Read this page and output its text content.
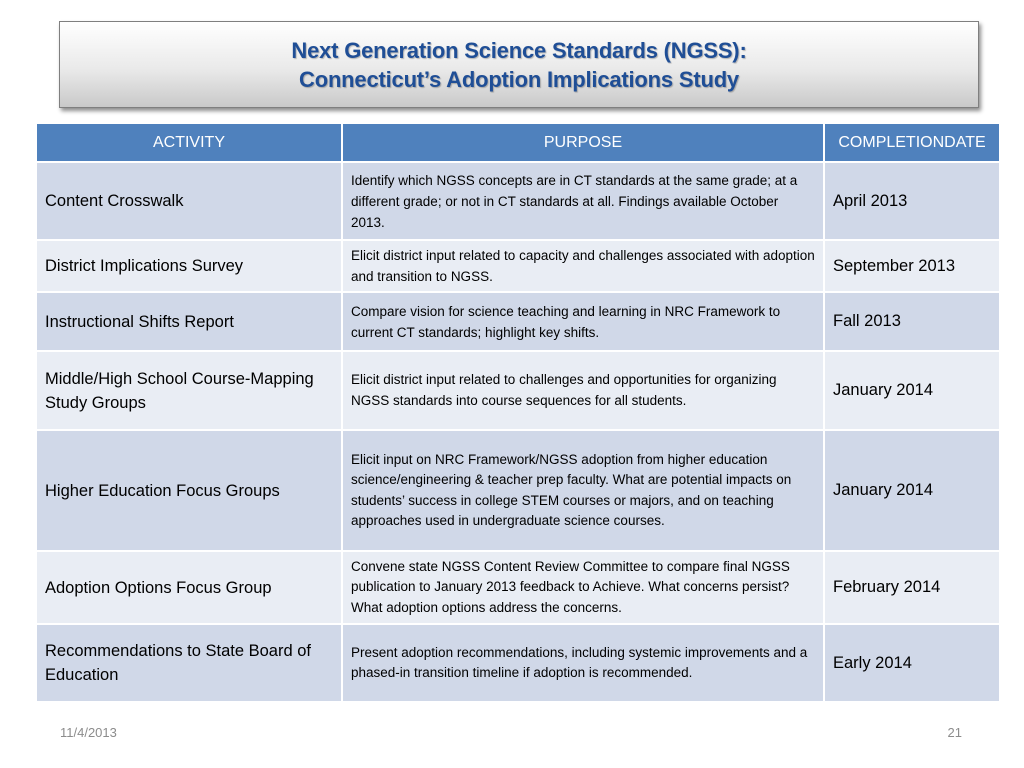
Next Generation Science Standards (NGSS):
Connecticut’s Adoption Implications Study
ACTIVITY	PURPOSE	COMPLETIONDATE
Content Crosswalk	Identify which NGSS concepts are in CT standards at the same grade; at a different grade; or not in CT standards at all. Findings available October 2013.	April 2013
District Implications Survey	Elicit district input related to capacity and challenges associated with adoption and transition to NGSS.	September 2013
Instructional Shifts Report	Compare vision for science teaching and learning in NRC Framework to current CT standards; highlight key shifts.	Fall 2013
Middle/High School Course-Mapping Study Groups	Elicit district input related to challenges and opportunities for organizing NGSS standards into course sequences for all students.	January 2014
Higher Education Focus Groups	Elicit input on NRC Framework/NGSS adoption from higher education science/engineering & teacher prep faculty. What are potential impacts on students’ success in college STEM courses or majors, and on teaching approaches used in undergraduate science courses.	January 2014
Adoption Options Focus Group	Convene state NGSS Content Review Committee to compare final NGSS publication to January 2013 feedback to Achieve. What concerns persist? What adoption options address the concerns.	February 2014
Recommendations to State Board of Education	Present adoption recommendations, including systemic improvements and a phased-in transition timeline if adoption is recommended.	Early 2014
11/4/2013	21
